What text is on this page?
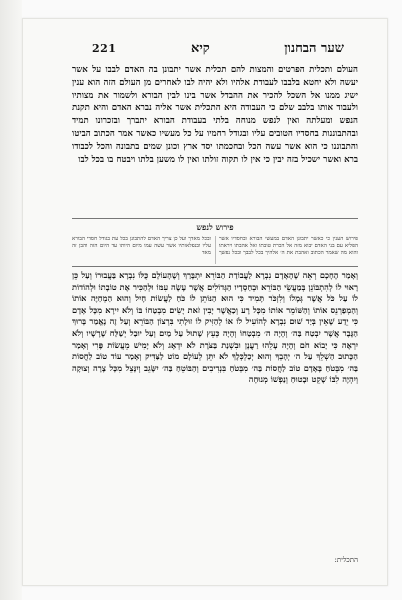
שער הבחנון
קיא
221
העולם ותכלית הפרטים והמצות להם תכלית אשר יתבונן בה האדם לבבו על אשר יעשה ולא יחטא בלבבו לעבודת אלהיו ולא יהיה לבו לאחרים מן העולם הזה הוא ענין ישיג ממנו אל השכל להכיר את ההבדל אשר בינו לבין הבורא ולשמור את מצותיו ולעבוד אותו בלבב שלם כי העבודה היא התכלית אשר אליה נברא האדם והיא תקנת הנפש ומעלתה ואין לנפש מנוחה בלתי בעבודת הבורא יתברך ובזכרונו תמיד ובהתבוננות בחסדיו הטובים עליו ובגודל רחמיו על כל מעשיו כאשר אמר הכתוב הביטו והתבוננו כי הוא אשר עשה הכל ובחכמתו יסד ארץ וכונן שמים בתבונה והכל לכבודו ברא ואשר ישכיל בזה יבין כי אין לו תקוה זולתו ואין לו משען בלתו ויבטח בו בכל לבו
פירוש לנפש
פירוש הענין כי כאשר יתבונן האדם במעשי הבורא ובחסדיו אשר הפליא עם בני האדם יבוא מזה אל הכרת טובתו ואל אהבתו ויראתו והוא מה שאמר הכתוב ואהבת את ה׳ אלהיך בכל לבבך ובכל נפשך ובכל מאדך ועל כן צריך האדם להתבונן בכל עת בגודל חסדי הבורא עליו ובנפלאותיו אשר עשה עמו מיום היותו עד היום הזה והבן זה מאד
וְאָמַר הֶחָכָם רְאֵה שֶׁהָאָדָם נִבְרָא לַעֲבוֹדַת הַבּוֹרֵא יִתְבָּרַךְ וְשֶׁהָעוֹלָם כֻּלּוֹ נִבְרָא בַּעֲבוּרוֹ וְעַל כֵּן רָאוּי לוֹ לְהִתְבּוֹנֵן בְּמַעֲשֵׂי הַבּוֹרֵא וּבְחַסְדָיו הַגְּדוֹלִים אֲשֶׁר עָשָׂה עִמּוֹ וּלְהַכִּיר אֶת טוֹבָתוֹ וּלְהוֹדוֹת לוֹ עַל כֹּל אֲשֶׁר גְּמָלוֹ וְלִזְכֹּר תָּמִיד כִּי הוּא הַנּוֹתֵן לוֹ כֹּחַ לַעֲשׂוֹת חָיִל וְהוּא הַמְחַיֶּה אוֹתוֹ וְהַמְפַרְנֵס אוֹתוֹ וְהַשּׁוֹמֵר אוֹתוֹ מִכָּל רָע וְכַאֲשֶׁר יָבִין זֹאת יָשִׂים מִבְטַחוֹ בּוֹ וְלֹא יִירָא מִכָּל אָדָם כִּי יֵדַע שֶׁאֵין בְּיַד שׁוּם נִבְרָא לְהוֹעִיל לוֹ אוֹ לְהַזִּיק לוֹ זוּלָתִי בִּרְצוֹן הַבּוֹרֵא וְעַל זֶה נֶאֱמַר בָּרוּךְ הַגֶּבֶר אֲשֶׁר יִבְטַח בַּה׳ וְהָיָה ה׳ מִבְטַחוֹ וְהָיָה כְּעֵץ שָׁתוּל עַל מַיִם וְעַל יוּבַל יְשַׁלַּח שָׁרָשָׁיו וְלֹא יִרְאֶה כִּי יָבוֹא חֹם וְהָיָה עָלֵהוּ רַעֲנָן וּבִשְׁנַת בַּצֹּרֶת לֹא יִדְאָג וְלֹא יָמִישׁ מֵעֲשׂוֹת פֶּרִי וְאָמַר הַכָּתוּב הַשְׁלֵךְ עַל ה׳ יְהָבְךָ וְהוּא יְכַלְכְּלֶךָ לֹא יִתֵּן לְעוֹלָם מוֹט לַצַּדִּיק וְאָמַר עוֹד טוֹב לַחֲסוֹת בַּה׳ מִבְּטֹחַ בָּאָדָם טוֹב לַחֲסוֹת בַּה׳ מִבְּטֹחַ בִּנְדִיבִים וְהַבּוֹטֵחַ בַּה׳ יִשָּׂגֵב וְיִנָּצֵל מִכָּל צָרָה וְצוּקָה וְיִהְיֶה לִבּוֹ שָׁקֵט וּבָטוּחַ וְנַפְשׁוֹ מְנוּחָה
התכלית:
